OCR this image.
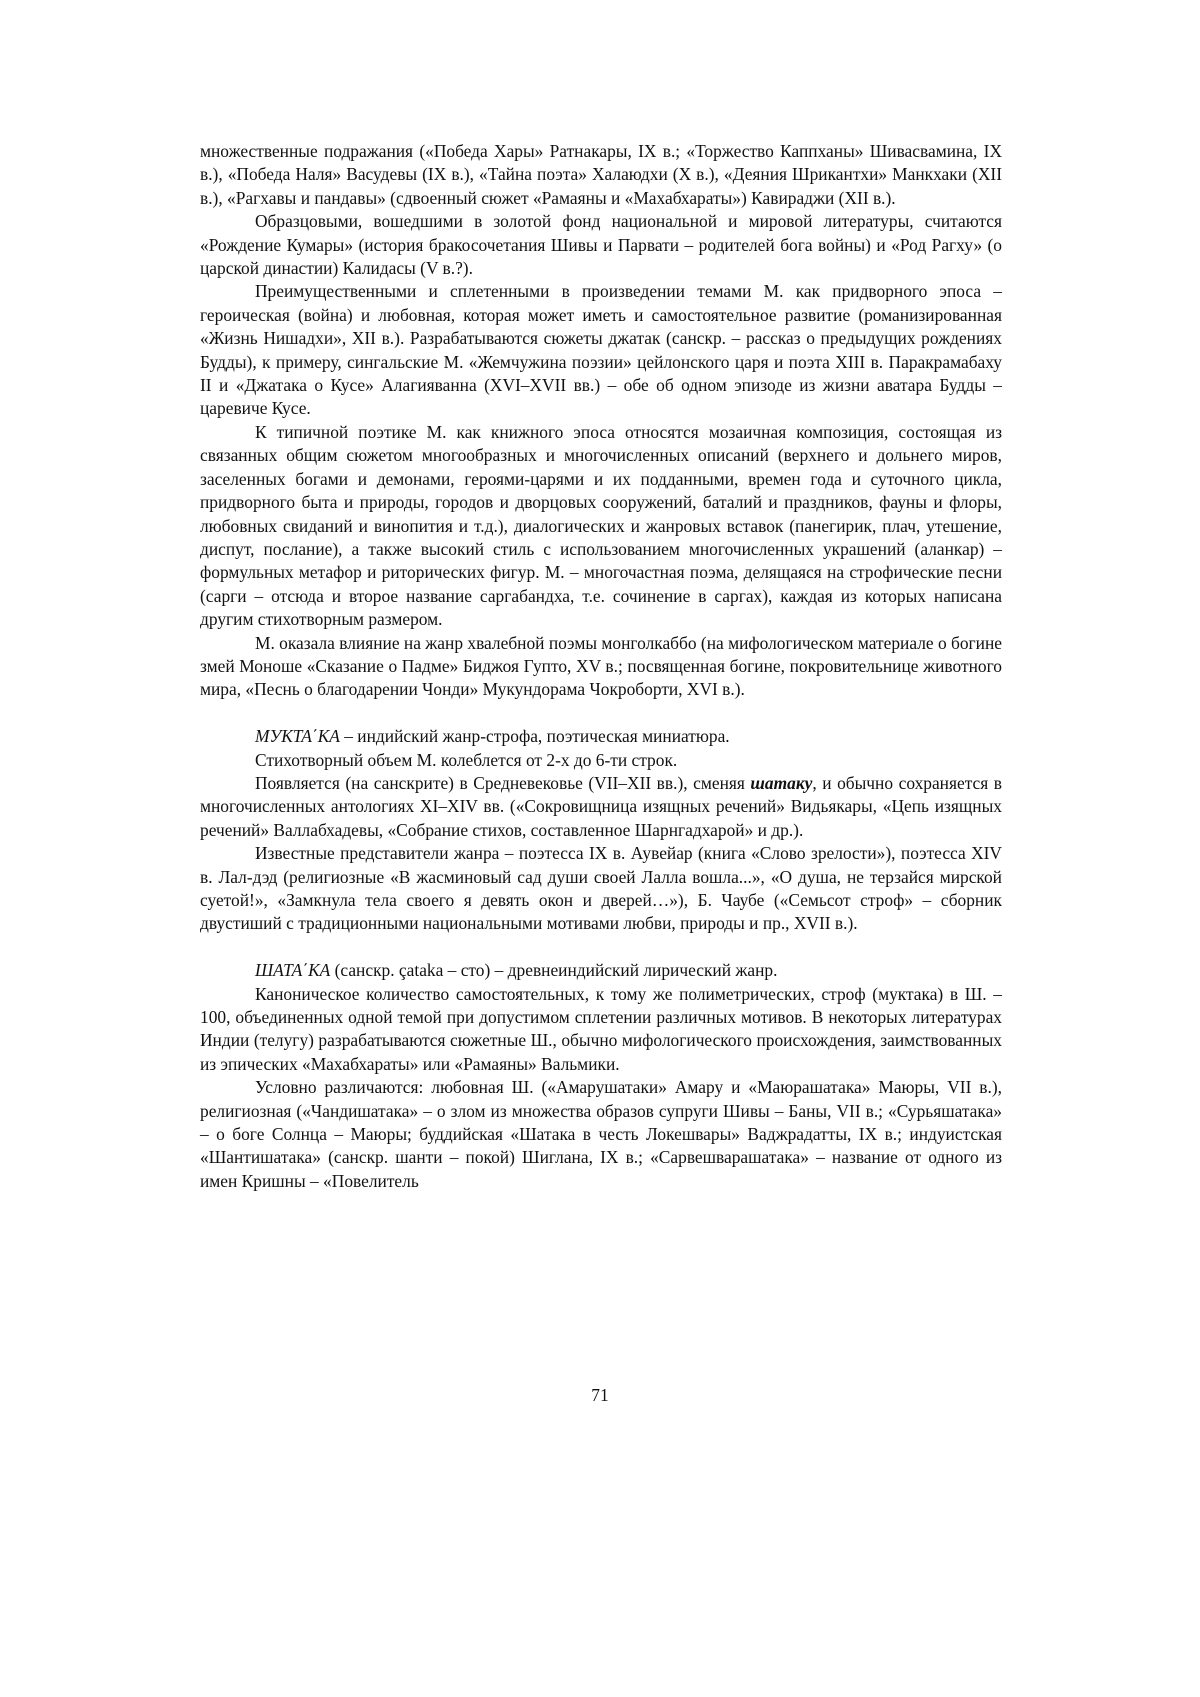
множественные подражания («Победа Хары» Ратнакары, IX в.; «Торжество Каппханы» Шивасвамина, IX в.), «Победа Наля» Васудевы (IX в.), «Тайна поэта» Халаюдхи (X в.), «Деяния Шрикантхи» Манкхаки (XII в.), «Рагхавы и пандавы» (сдвоенный сюжет «Рамаяны и «Махабхараты») Кавираджи (XII в.).

Образцовыми, вошедшими в золотой фонд национальной и мировой литературы, считаются «Рождение Кумары» (история бракосочетания Шивы и Парвати – родителей бога войны) и «Род Рагху» (о царской династии) Калидасы (V в.?).

Преимущественными и сплетенными в произведении темами М. как придворного эпоса – героическая (война) и любовная, которая может иметь и самостоятельное развитие (романизированная «Жизнь Нишадхи», XII в.). Разрабатываются сюжеты джатак (санскр. – рассказ о предыдущих рождениях Будды), к примеру, сингальские М. «Жемчужина поэзии» цейлонского царя и поэта XIII в. Паракрамабаху II и «Джатака о Кусе» Алагияванна (XVI–XVII вв.) – обе об одном эпизоде из жизни аватара Будды – царевиче Кусе.

К типичной поэтике М. как книжного эпоса относятся мозаичная композиция, состоящая из связанных общим сюжетом многообразных и многочисленных описаний (верхнего и дольнего миров, заселенных богами и демонами, героями-царями и их подданными, времен года и суточного цикла, придворного быта и природы, городов и дворцовых сооружений, баталий и праздников, фауны и флоры, любовных свиданий и винопития и т.д.), диалогических и жанровых вставок (панегирик, плач, утешение, диспут, послание), а также высокий стиль с использованием многочисленных украшений (аланкар) – формульных метафор и риторических фигур. М. – многочастная поэма, делящаяся на строфические песни (сарги – отсюда и второе название саргабандха, т.е. сочинение в саргах), каждая из которых написана другим стихотворным размером.

М. оказала влияние на жанр хвалебной поэмы монголкаббо (на мифологическом материале о богине змей Моноше «Сказание о Падме» Биджоя Гупто, XV в.; посвященная богине, покровительнице животного мира, «Песнь о благодарении Чонди» Мукундорама Чокроборти, XVI в.).

МУКТА΄КА – индийский жанр-строфа, поэтическая миниатюра.

Стихотворный объем М. колеблется от 2-х до 6-ти строк.

Появляется (на санскрите) в Средневековье (VII–XII вв.), сменяя шатаку, и обычно сохраняется в многочисленных антологиях XI–XIV вв. («Сокровищница изящных речений» Видьякары, «Цепь изящных речений» Валлабхадевы, «Собрание стихов, составленное Шарнгадхарой» и др.).

Известные представители жанра – поэтесса IX в. Аувейар (книга «Слово зрелости»), поэтесса XIV в. Лал-дэд (религиозные «В жасминовый сад души своей Лалла вошла...», «О душа, не терзайся мирской суетой!», «Замкнула тела своего я девять окон и дверей…»), Б. Чаубе («Семьсот строф» – сборник двустиший с традиционными национальными мотивами любви, природы и пр., XVII в.).

ШАТА΄КА (санскр. çataka – сто) – древнеиндийский лирический жанр.

Каноническое количество самостоятельных, к тому же полиметрических, строф (муктака) в Ш. – 100, объединенных одной темой при допустимом сплетении различных мотивов. В некоторых литературах Индии (телугу) разрабатываются сюжетные Ш., обычно мифологического происхождения, заимствованных из эпических «Махабхараты» или «Рамаяны» Вальмики.

Условно различаются: любовная Ш. («Амарушатаки» Амару и «Маюрашатака» Маюры, VII в.), религиозная («Чандишатака» – о злом из множества образов супруги Шивы – Баны, VII в.; «Сурьяшатака» – о боге Солнца – Маюры; буддийская «Шатака в честь Локешвары» Ваджрадатты, IX в.; индуистская «Шантишатака» (санскр. шанти – покой) Шиглана, IX в.; «Сарвешварашатака» – название от одного из имен Кришны – «Повелитель

71
